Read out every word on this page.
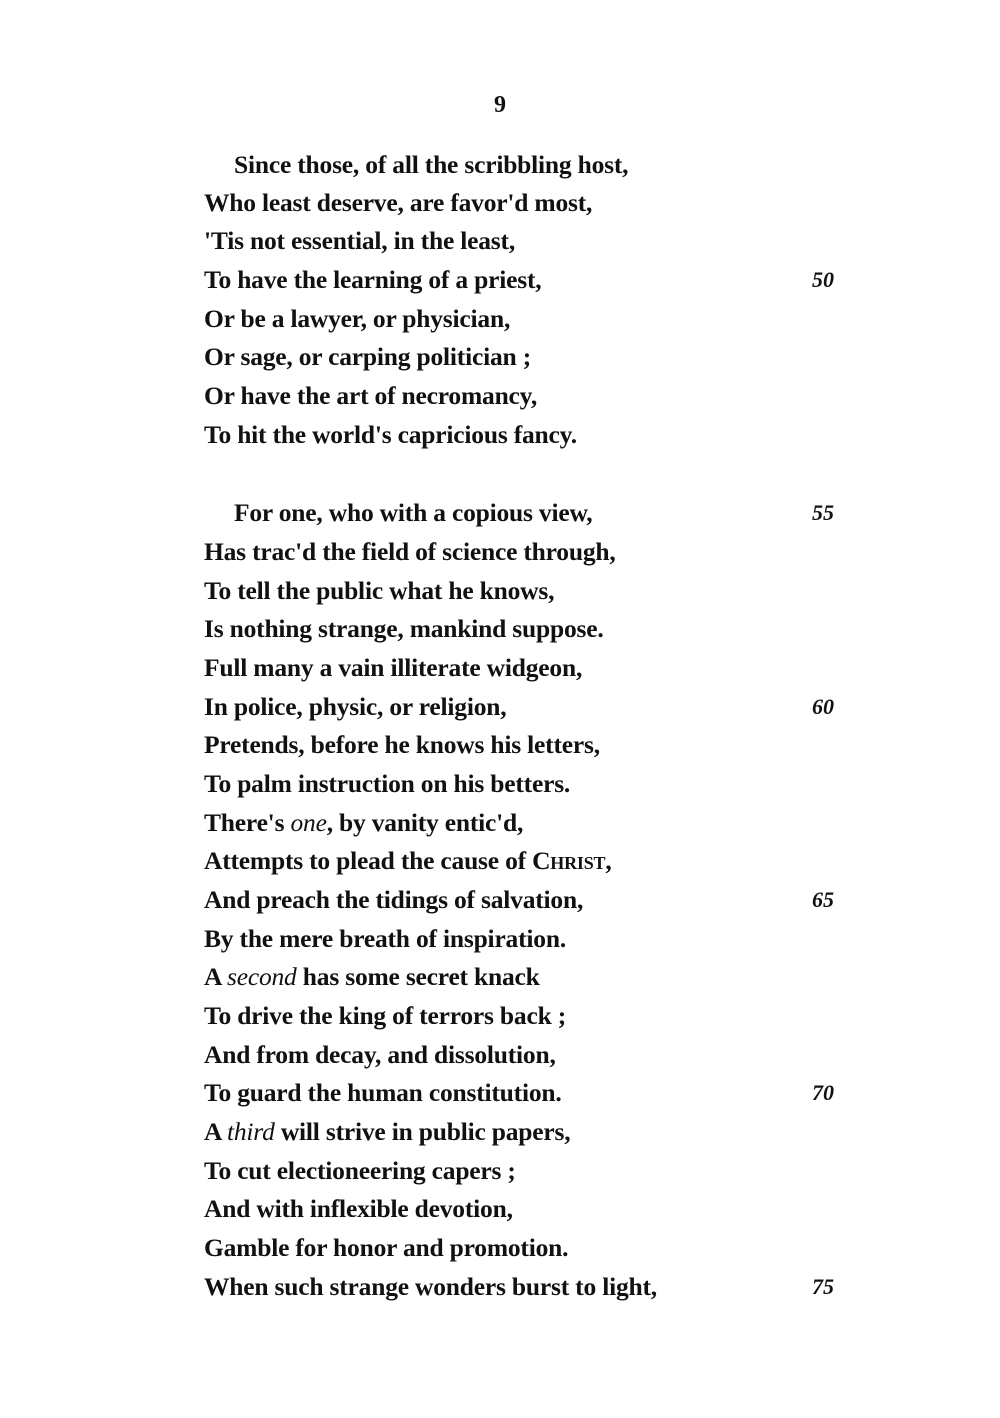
9
Since those, of all the scribbling host,
Who least deserve, are favor'd most,
'Tis not essential, in the least,
To have the learning of a priest,	50
Or be a lawyer, or physician,
Or sage, or carping politician ;
Or have the art of necromancy,
To hit the world's capricious fancy.
For one, who with a copious view,	55
Has trac'd the field of science through,
To tell the public what he knows,
Is nothing strange, mankind suppose.
Full many a vain illiterate widgeon,
In police, physic, or religion,	60
Pretends, before he knows his letters,
To palm instruction on his betters.
There's one, by vanity entic'd,
Attempts to plead the cause of Christ,
And preach the tidings of salvation,	65
By the mere breath of inspiration.
A second has some secret knack
To drive the king of terrors back ;
And from decay, and dissolution,
To guard the human constitution.	70
A third will strive in public papers,
To cut electioneering capers ;
And with inflexible devotion,
Gamble for honor and promotion.
When such strange wonders burst to light,	75
